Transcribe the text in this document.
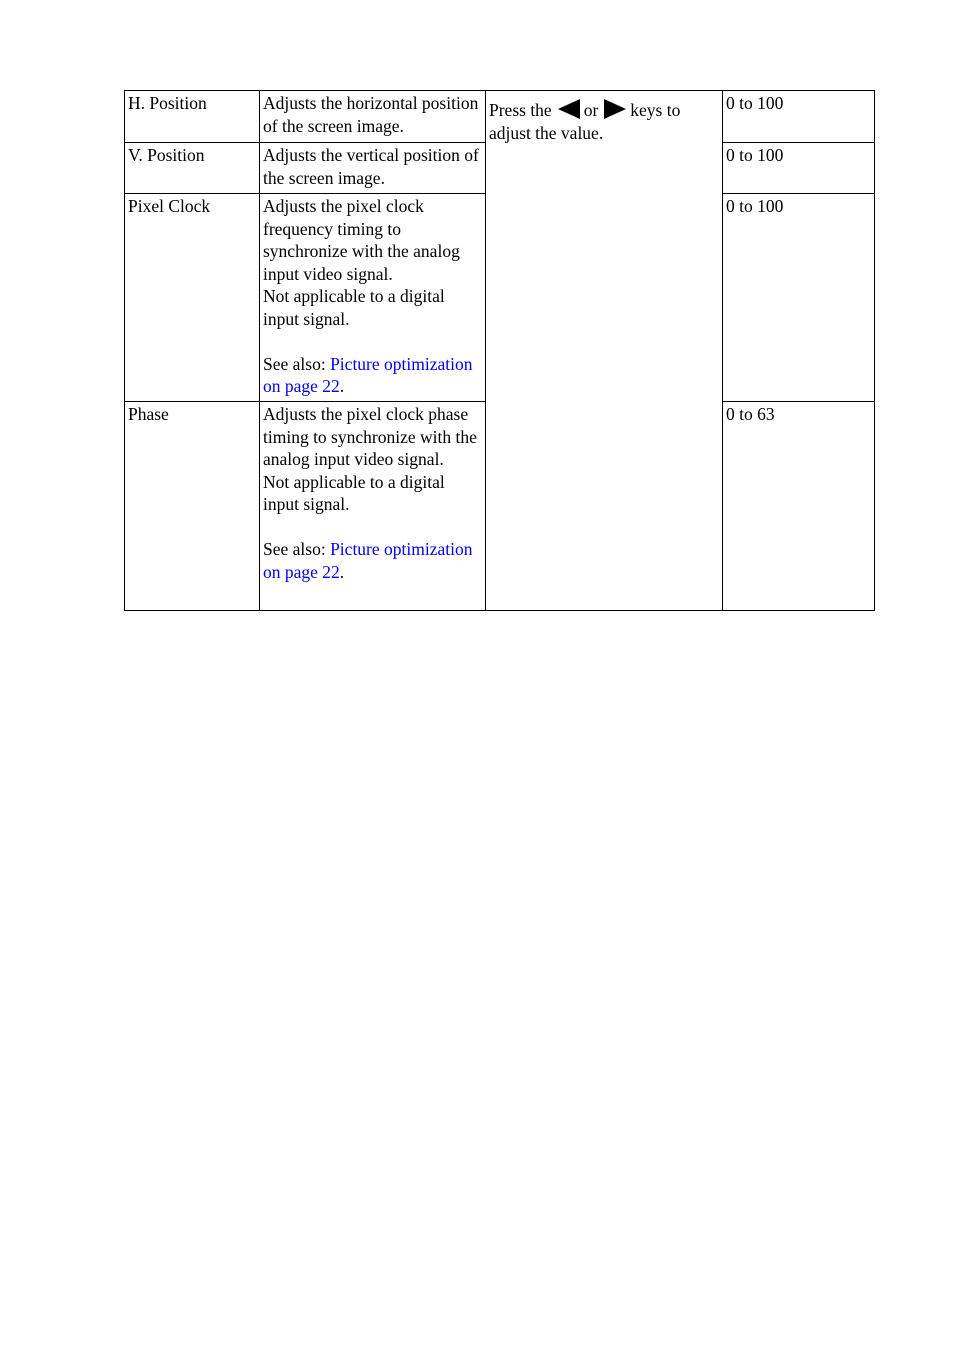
H. Position	Adjusts the horizontal position of the screen image.	Press the or keys to adjust the value.	0 to 100
V. Position	Adjusts the vertical position of the screen image.		0 to 100
Pixel Clock	Adjusts the pixel clock frequency timing to synchronize with the analog input video signal.
Not applicable to a digital input signal.
See also: Picture optimization on page 22.		0 to 100
Phase	Adjusts the pixel clock phase timing to synchronize with the analog input video signal.
Not applicable to a digital input signal.
See also: Picture optimization on page 22.		0 to 63
